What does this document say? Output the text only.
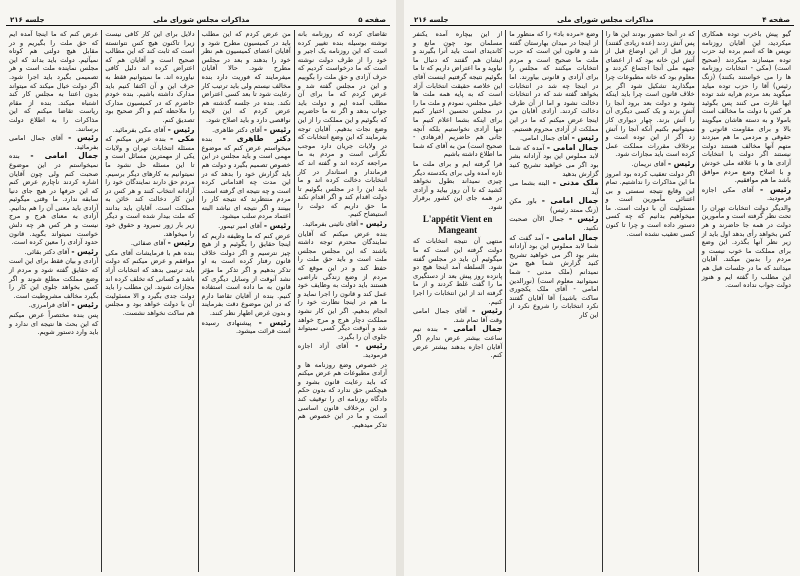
صفحه ۵
مذاکرات مجلس شورای ملی
جلسه ۲۱۶

تقاضای کرده که روزنامه بانه نوشته بوسیله بنده تغییر کرده است که این روزنامه یک اجیر و خود را از طرف دولت نوشته است که ما درخواست کردیم که حرف آزادی و حق ملت را بگوییم و این در مجلس گفته شد و عرض کردم که ما برای آن مطلب آمده ایم و دولت باید جواب بدهد و اگر نه ما حاضریم که بگوئیم و این مملکت را از این وضع نجات بدهیم. آقایان توجه بفرمایند که این وضع انتخابات که در ولایات جریان دارد موجب نگرانی است و مردم به ما مراجعه کرده اند و گفته اند که فرماندار و استاندار در کار انتخابات دخالت کرده اند و ما باید این را در مجلس بگوئیم تا دولت اقدام کند و اگر اقدام نکند ما حق داریم که دولت را استیضاح کنیم.

رئیس - آقای نائینی بفرمائید.

بنده عرض میکنم که آقایان نمایندگان محترم توجه داشته باشند که این مجلس مجلس ملت است و باید حق ملت را حفظ کند و در این موقع که مردم از وضع زندگی ناراضی هستند باید دولت به وظایف خود عمل کند و قانون را اجرا نماید و ما هم در اینجا نظارت خود را انجام بدهیم. اگر این کار نشود مملکت دچار هرج و مرج خواهد شد و آنوقت دیگر کسی نمیتواند جلوی آن را بگیرد.

رئیس - آقای آزاد اجازه فرمودید.

در خصوص وضع روزنامه ها و آزادی مطبوعات هم عرض میکنم که باید رعایت قانون بشود و هیچکس حق ندارد که بدون حکم دادگاه روزنامه ای را توقیف کند و این برخلاف قانون اساسی است و ما در این خصوص هم تذکر میدهیم.

من عرض کردم که این مطلب باید در کمیسیون مطرح شود و آقایان اعضای کمیسیون هم نظر خود را بدهند و بعد در مجلس مطرح شود. حالا آقایان میفرمایند که فوریت دارد بنده مخالف نیستم ولی باید ترتیب کار رعایت شود تا بعد کسی اعتراض نکند. بنده در جلسه گذشته هم عرض کردم که این لایحه نواقصی دارد و باید اصلاح شود.

رئیس - آقای دکتر طاهری.

دکتر طاهری - بنده میخواستم عرض کنم که موضوع مهمی است و باید مجلس در این خصوص تصمیم بگیرد و دولت هم باید گزارش خود را بدهد که در این مدت چه اقداماتی کرده است و چه نتیجه ای گرفته است. مردم منتظرند که نتیجه کار را ببینند و اگر نتیجه ای نباشد البته اعتماد مردم سلب میشود.

رئیس - آقای امیر تیمور.

عرض کنم که ما وظیفه داریم که اینجا حقایق را بگوئیم و از هیچ چیز نترسیم و اگر دولت خلاف قانون رفتار کرده است به او تذکر بدهیم و اگر تذکر ما مؤثر نشد آنوقت از وسایل دیگری که قانون به ما داده است استفاده کنیم. بنده از آقایان تقاضا دارم که در این موضوع دقت بفرمایند و بدون غرض اظهار نظر کنند.

رئیس - پیشنهادی رسیده است قرائت میشود.

دلایل برای این کار کافی نیست زیرا تاکنون هیچ کس نتوانسته است که ثابت کند که این مطالب صحیح است و آقایان هم که اعتراض کرده اند دلیل کافی نیاورده اند. ما نمیتوانیم فقط به حرف این و آن اکتفا کنیم باید مدارک داشته باشیم. بنده خودم حاضرم که در کمیسیون مدارک را ملاحظه کنم و اگر صحیح بود تصدیق کنم.

رئیس - آقای مکی بفرمائید.

مکی - بنده عرض میکنم که مسئله انتخابات تهران و ولایات یکی از مهمترین مسائل است و تا این مسئله حل نشود ما نمیتوانیم به کارهای دیگر برسیم. مردم حق دارند نمایندگان خود را آزادانه انتخاب کنند و هر کس در این کار دخالت کند خائن به مملکت است. آقایان باید بدانند که ملت بیدار شده است و دیگر زیر بار زور نمیرود و حقوق خود را میخواهد.

رئیس - آقای صفائی.

بنده هم با فرمایشات آقای مکی موافقم و عرض میکنم که دولت باید ترتیبی بدهد که انتخابات آزاد باشد و کسانی که تخلف کرده اند مجازات شوند. این مطلب را باید دولت جدی بگیرد و الا مسئولیت آن با دولت خواهد بود و مجلس هم ساکت نخواهد نشست.

عرض کنم که ما اینجا آمده ایم که حق ملت را بگیریم و در مقابل هیچ دولتی هم کوتاه نمیآئیم. دولت باید بداند که این مجلس نماینده ملت است و هر تصمیمی بگیرد باید اجرا شود. اگر دولت خیال میکند که میتواند بدون اعتنا به مجلس کار کند اشتباه میکند. بنده از مقام ریاست تقاضا میکنم که این مذاکرات را به اطلاع دولت برسانند.

رئیس - آقای جمال امامی بفرمائید.

جمال امامی - بنده نمیخواستم در این موضوع صحبت کنم ولی چون آقایان اشاره کردند ناچارم عرض کنم که این حرفها در هیچ جای دنیا سابقه ندارد. ما وقتی میگوئیم آزادی باید معنی آن را هم بدانیم. آزادی به معنای هرج و مرج نیست و هر کس هر چه دلش خواست نمیتواند بگوید. قانون حدود آزادی را معین کرده است.

رئیس - آقای دکتر بقائی.

آزادی و بیان فقط برای این است که حقایق گفته شود و مردم از وضع مملکت مطلع شوند و اگر کسی بخواهد جلوی این کار را بگیرد مخالف مشروطیت است.

رئیس - آقای فرامرزی.

پس بنده مختصراً عرض میکنم که این بحث ها نتیجه ای ندارد و باید وارد دستور شویم.

صفحه ۴
مذاکرات مجلس شورای ملی
جلسه ۲۱۶

گیو پیش باخرب توده همکاری میکردید، این آقایان روزنامه نویس ها که اسم برده اید حزب توده میسازند میکردند (صحیح است) (مکی - انتخابات روزنامه ها را می خواستند بکنند) (زنگ رئیس) آقا را حزب توده میاید میگوید بعد مردم هرایه شد توده ایها غارت می کنند پس بگوئید هر کس با دولت ما مخالف است بامولا و به دسته هاشان میگویند بالا و برای مقاومت قانونی و حقوقی و مردمی ما هم میزدند متهم آنها مخالف هستند دولت نیستند اگر دولت با انتخابات آزادی ها و با علاقه ملی خودش و با اصلاح وضع مردم موافق باشد ما هم موافقیم.

رئیس - آقای مکی اجازه فرمودید.

والدیگر دولت انتخابات تهران را تحت نظر گرفته است و مأمورین دولت در همه جا حاضرند و هر کس بخواهد رأی بدهد اول باید از زیر نظر آنها بگذرد. این وضع برای مملکت ما خوب نیست و مردم را بدبین میکند. آقایان میدانند که ما در جلسات قبل هم این مطلب را گفته ایم و هنوز دولت جواب نداده است.

که در آنجا حضور بودند این ها را پس آتش زدند (عده زیادی گفتند) روز قبل از این اوضاع قبل از آتش این خانه بود که از اعضای جبهه ملی آنجا اجتماع کردند و معلوم بود که خانه مطبوعات چرا میگذارید تشکیل شود اگر بر خلاف قانون است چرا باید اینکه بشود و دولت بعد برود آنجا را آتش بزند و یک کسی دیگری آن را آتش بزند. چهار دیواری کار نمیتوانیم بکنیم آنکه آنجا را آتش زد اگر از این توده است و برخلاف مقررات مملکت عمل کرده است باید مجازات شود.

رئیس - آقای نریمان.

اگر دولت تعقیب کرده بود امروز ما این مذاکرات را نداشتیم. تمام این وقایع نتیجه سستی و بی اعتنائی مأمورین است و مسئولیت آن با دولت است. ما میخواهیم بدانیم که چه کسی دستور داده است و چرا تا کنون کسی تعقیب نشده است.

وضع «مرده باد» را که منظور ما از اینجا در میدان بهارستان گفته شد و قانون این است که حزب ملت ما صحیح است و مردم انتخابات میکنند که مجلس را برای آزادی و قانونی بیاورند. اما در اینجا چه شد در انتخابات بخواهد گفته شد که در انتخابات دخالت نشود و اما از آن طرف دخالت کردند. آزادی آقایان من اینجا عرض میکنم که ما در این مملکت از آزادی محروم هستیم.

رئیس - آقای جمال امامی.

جمال امامی - آمده که شما لابد مملوس این بود آزادانه بشر بود اگر می خواهید تشریح کنید گزارش بدهید

ملک مدنی - البته بشما می آید

جمال امامی - باور مکن (زنگ ممتد رئیس)

رئیس - جمال الاآن صحبت نکنید.

جمال امامی - آمد گفت که شما لابد مملوس این بود آزادانه بشر بود اگر می خواهید تشریح کنید گزارش شما هیچ من نمیدانم (ملک مدنی - شما نمیتوانید معلوم است) (نورالدین امامی - آقای ملک یکجوری ساکت باشید) آقا آقایان گفتند نکرد انتخابات را شروع نکرد از این کار

از این بیچاره آمده یکنفر مسلمان بود چون مانع و کاندیدای است باید آنرا بگیرند و ایشان هم گفتند که دنبال ما نیاوید و ما اعتراض داریم که تا ما بگوئیم نتیجه گرفتیم اینست آقای این خلاصه حقیقت انتخابات آزاد است که به پایه همه ملت ها خیلی مجلس، نمودم و ملت ما را در مجلس تحسین اختیار کنیم برای اینکه بشما اعلام کنیم ما تنها آزادی نخواستیم بلکه آنچه جانی هم حاضریم (فرهادی - صحیح است) من به آقای که شما ما اطلاع داشته باشیم

فرا گرفته ایم و برای ملت ما تازه آمده ولی برای یکدسته دیگر چیزی نمیداند بطول نخواهد کشید که تا آن روز بیاید و آزادی در همه جای این کشور برقرار شود.

L'appétit Vient en Mangeant

منتهی آن نتیجه انتخابات که دولت گرفته این است که ما میگوئیم آن باید در مجلس گفته شود. السلطه آمد اینجا هیچ دو پانزده روز پیش بعد از دستگیری ما را گفت غلط کردند و از ما گرفته اند از این انتخابات را اجرا کنیم.

رئیس - آقای جمال امامی وقت آقا تمام شد.

جمال امامی - بنده نیم ساعت بیشتر عرض ندارم اگر آقایان اجازه بدهند بیشتر عرض کنم.
